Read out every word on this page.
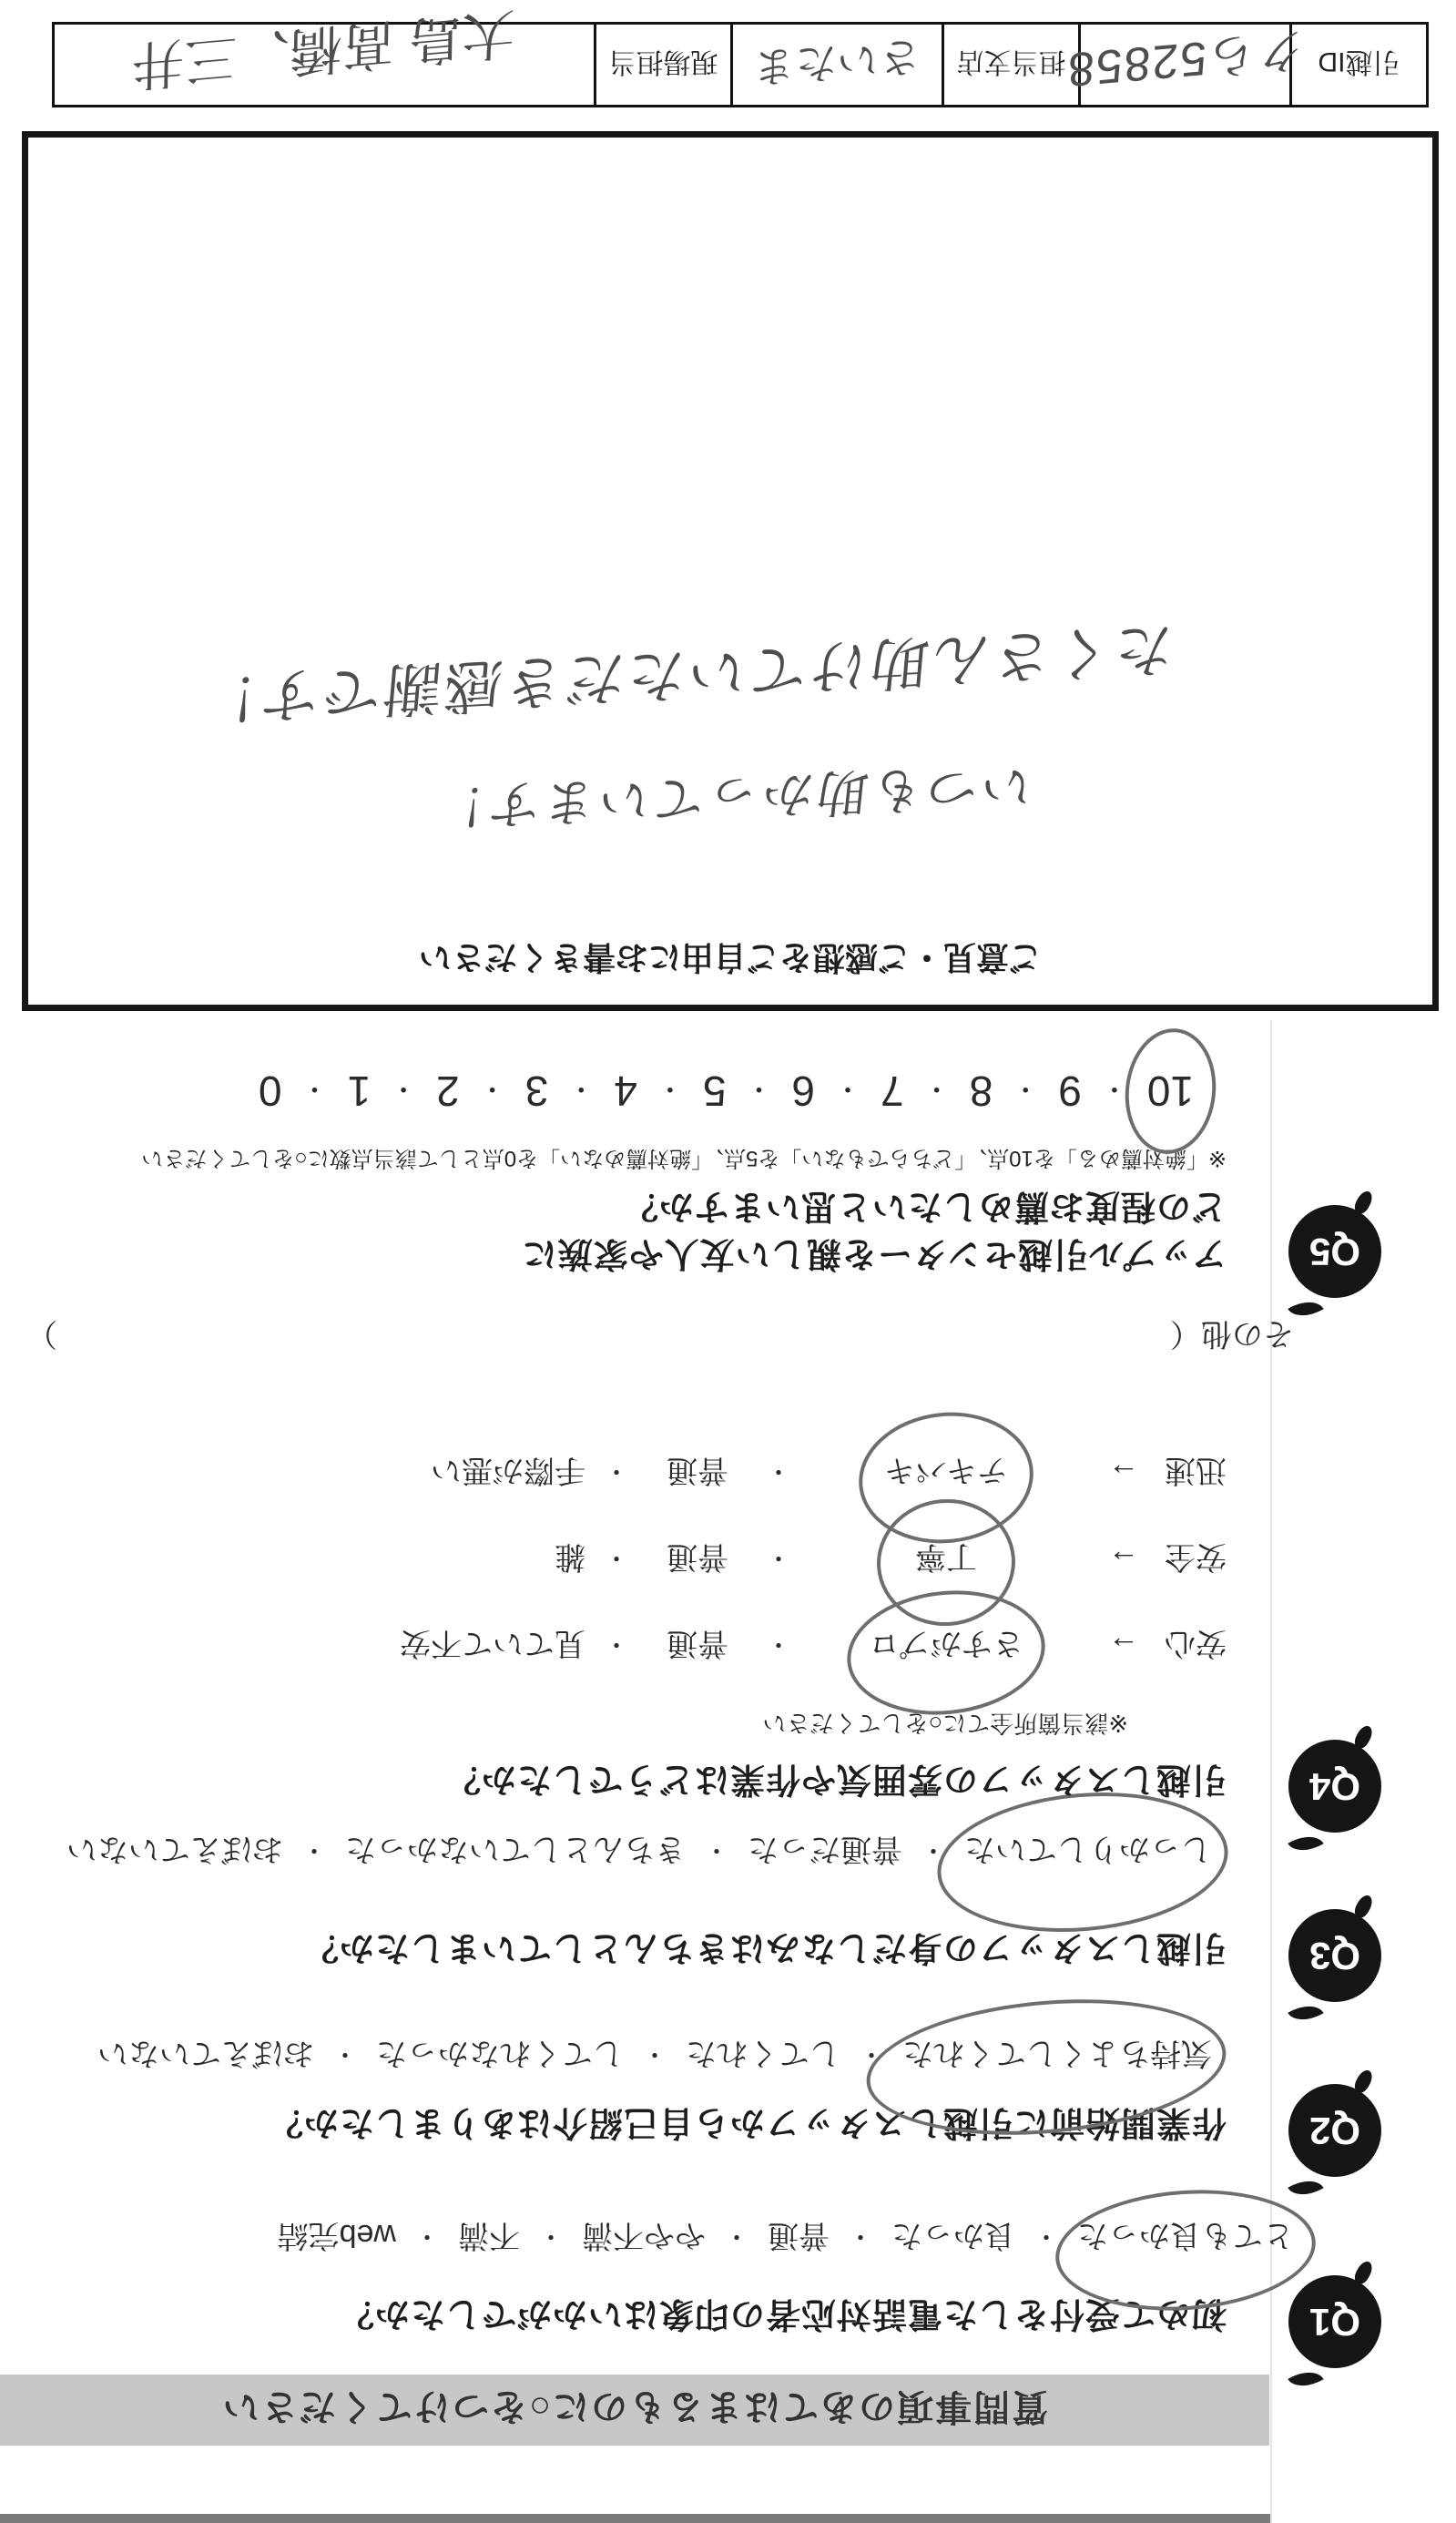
質問事項のあてはまるものに○をつけてください
Q1
初めて受付をした電話対応者の印象はいかがでしたか？
とても良かった
・
良かった
・
普通
・
やや不満
・
不満
・
web完結
Q2
作業開始前に引越しスタッフから自己紹介はありましたか？
気持ちよくしてくれた
・
してくれた
・
してくれなかった
・
おぼえていない
Q3
引越しスタッフの身だしなみはきちんとしていましたか？
しっかりしていた
・
普通だった
・
きちんとしていなかった
・
おぼえていない
Q4
引越しスタッフの雰囲気や作業はどうでしたか？
※該当箇所全てに○をしてください
安心
→
さすがプロ
・
普通
・
見ていて不安
安全
→
丁寧
・
普通
・
雑
迅速
→
テキパキ
・
普通
・
手際が悪い
その他（
）
Q5
アップル引越センターを親しい友人や家族に
どの程度お薦めしたいと思いますか？
※「絶対薦める」を10点、「どちらでもない」を5点、「絶対薦めない」を0点として該当点数に○をしてください
10
・
9
・
8
・
7
・
6
・
5
・
4
・
3
・
2
・
1
・
0
ご意見・ご感想をご自由にお書きください
いつも助かっています！
たくさん助けていただき感謝です！
引越ID
クら52858
担当支店
さいたま
現場担当
大島 髙橋、三井
